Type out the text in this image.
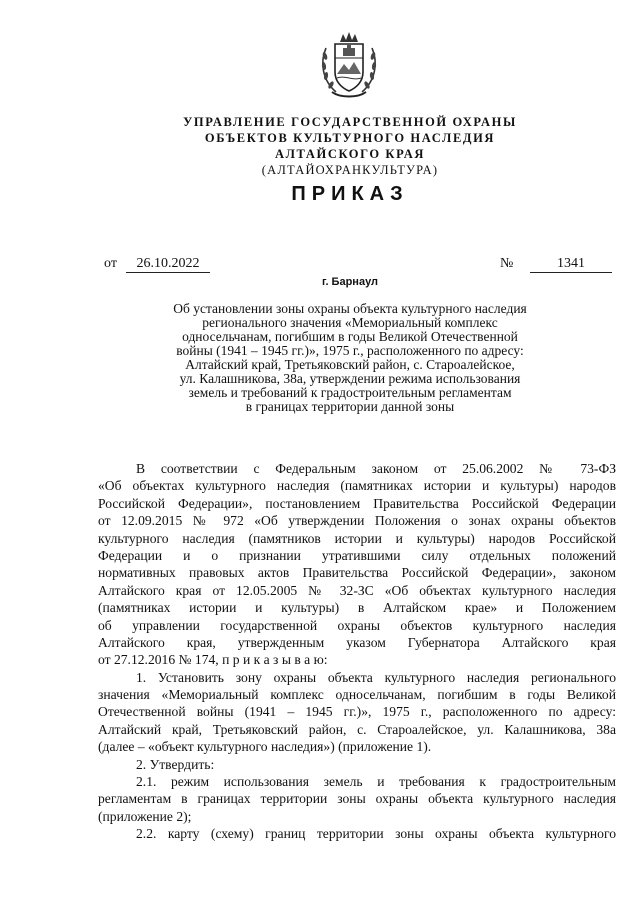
УПРАВЛЕНИЕ ГОСУДАРСТВЕННОЙ ОХРАНЫ
ОБЪЕКТОВ КУЛЬТУРНОГО НАСЛЕДИЯ
АЛТАЙСКОГО КРАЯ
(АЛТАЙОХРАНКУЛЬТУРА)
ПРИКАЗ
от	26.10.2022	№	1341
г. Барнаул
Об установлении зоны охраны объекта культурного наследия
регионального значения «Мемориальный комплекс
односельчанам, погибшим в годы Великой Отечественной
войны (1941 – 1945 гг.)», 1975 г., расположенного по адресу:
Алтайский край, Третьяковский район, с. Староалейское,
ул. Калашникова, 38а, утверждении режима использования
земель и требований к градостроительным регламентам
в границах территории данной зоны
В соответствии с Федеральным законом от 25.06.2002 № 73-ФЗ
«Об объектах культурного наследия (памятниках истории и культуры) народов
Российской Федерации», постановлением Правительства Российской Федерации
от 12.09.2015 № 972 «Об утверждении Положения о зонах охраны объектов
культурного наследия (памятников истории и культуры) народов Российской
Федерации и о признании утратившими силу отдельных положений
нормативных правовых актов Правительства Российской Федерации», законом
Алтайского края от 12.05.2005 № 32-ЗС «Об объектах культурного наследия
(памятниках истории и культуры) в Алтайском крае» и Положением
об управлении государственной охраны объектов культурного наследия
Алтайского края, утвержденным указом Губернатора Алтайского края
от 27.12.2016 № 174, п р и к а з ы в а ю:
1. Установить зону охраны объекта культурного наследия регионального
значения «Мемориальный комплекс односельчанам, погибшим в годы Великой
Отечественной войны (1941 – 1945 гг.)», 1975 г., расположенного по адресу:
Алтайский край, Третьяковский район, с. Староалейское, ул. Калашникова, 38а
(далее – «объект культурного наследия») (приложение 1).
2. Утвердить:
2.1. режим использования земель и требования к градостроительным
регламентам в границах территории зоны охраны объекта культурного наследия
(приложение 2);
2.2. карту (схему) границ территории зоны охраны объекта культурного
